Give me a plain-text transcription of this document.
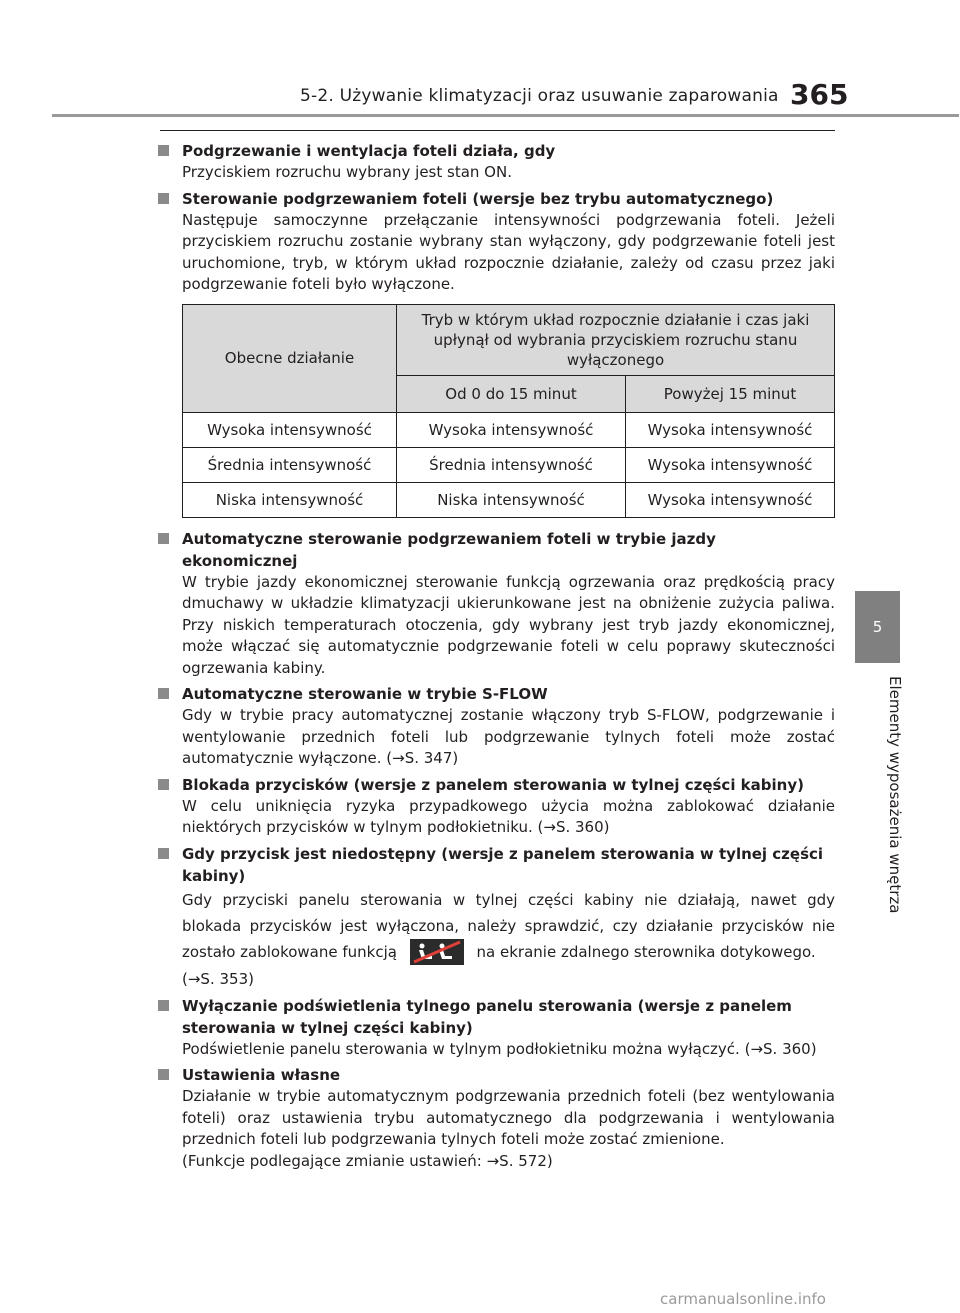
5-2. Używanie klimatyzacji oraz usuwanie zaparowania 365
5
Elementy wyposażenia wnętrza
Podgrzewanie i wentylacja foteli działa, gdy

Przyciskiem rozruchu wybrany jest stan ON.

Sterowanie podgrzewaniem foteli (wersje bez trybu automatycznego)

Następuje samoczynne przełączanie intensywności podgrzewania foteli. Jeżeli przyciskiem rozruchu zostanie wybrany stan wyłączony, gdy podgrzewanie foteli jest uruchomione, tryb, w którym układ rozpocznie działanie, zależy od czasu przez jaki podgrzewanie foteli było wyłączone.

Obecne działanie	Tryb w którym układ rozpocznie działanie i czas jaki upłynął od wybrania przyciskiem rozruchu stanu wyłączonego	
	Od 0 do 15 minut	Powyżej 15 minut
Wysoka intensywność	Wysoka intensywność	Wysoka intensywność
Średnia intensywność	Średnia intensywność	Wysoka intensywność
Niska intensywność	Niska intensywność	Wysoka intensywność
Automatyczne sterowanie podgrzewaniem foteli w trybie jazdy ekonomicznej

W trybie jazdy ekonomicznej sterowanie funkcją ogrzewania oraz prędkością pracy dmuchawy w układzie klimatyzacji ukierunkowane jest na obniżenie zużycia paliwa. Przy niskich temperaturach otoczenia, gdy wybrany jest tryb jazdy ekonomicznej, może włączać się automatycznie podgrzewanie foteli w celu poprawy skuteczności ogrzewania kabiny.

Automatyczne sterowanie w trybie S-FLOW

Gdy w trybie pracy automatycznej zostanie włączony tryb S-FLOW, podgrzewanie i wentylowanie przednich foteli lub podgrzewanie tylnych foteli może zostać automatycznie wyłączone. (→S. 347)

Blokada przycisków (wersje z panelem sterowania w tylnej części kabiny)

W celu uniknięcia ryzyka przypadkowego użycia można zablokować działanie niektórych przycisków w tylnym podłokietniku. (→S. 360)

Gdy przycisk jest niedostępny (wersje z panelem sterowania w tylnej części kabiny)

Gdy przyciski panelu sterowania w tylnej części kabiny nie działają, nawet gdy blokada przycisków jest wyłączona, należy sprawdzić, czy działanie przycisków nie zostało zablokowane funkcją	na ekranie zdalnego sterownika dotykowego.

(→S. 353)

Wyłączanie podświetlenia tylnego panelu sterowania (wersje z panelem sterowania w tylnej części kabiny)

Podświetlenie panelu sterowania w tylnym podłokietniku można wyłączyć. (→S. 360)

Ustawienia własne

Działanie w trybie automatycznym podgrzewania przednich foteli (bez wentylowania foteli) oraz ustawienia trybu automatycznego dla podgrzewania i wentylowania przednich foteli lub podgrzewania tylnych foteli może zostać zmienione.

(Funkcje podlegające zmianie ustawień: →S. 572)

carmanualsonline.info
